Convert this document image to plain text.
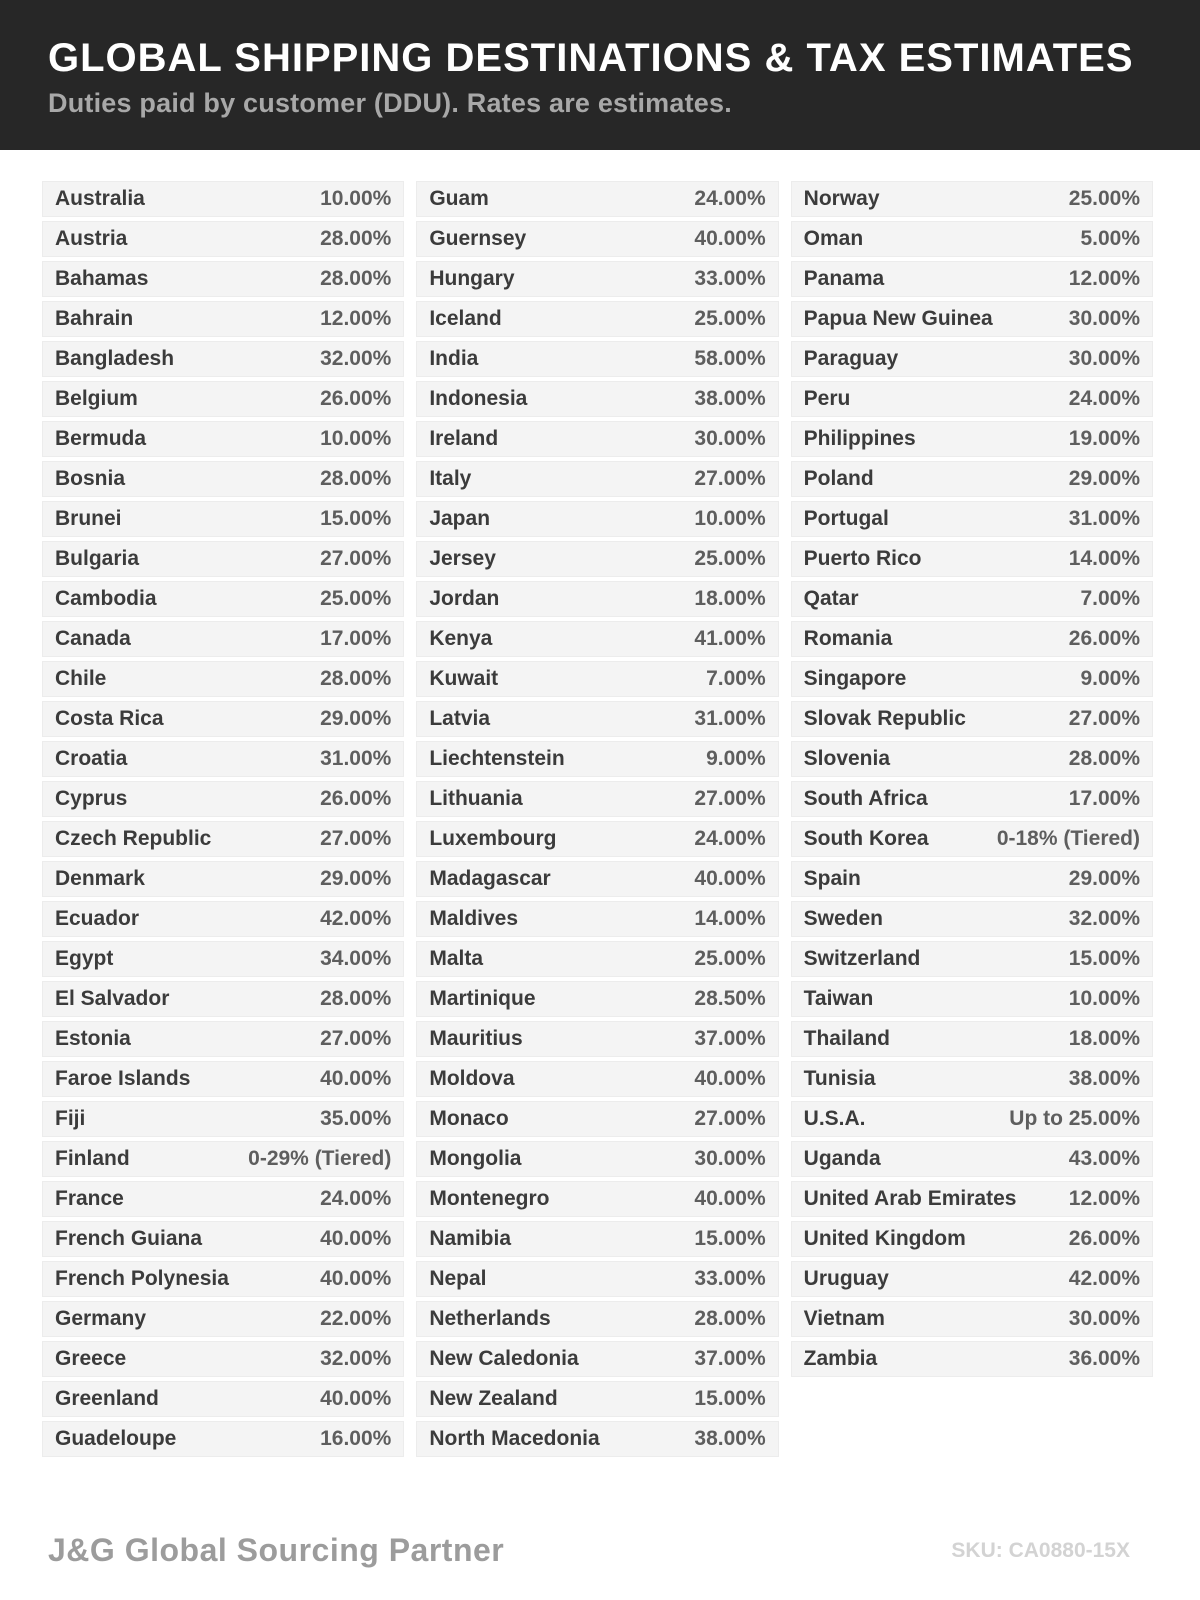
GLOBAL SHIPPING DESTINATIONS & TAX ESTIMATES
Duties paid by customer (DDU). Rates are estimates.
Australia	10.00%
Austria	28.00%
Bahamas	28.00%
Bahrain	12.00%
Bangladesh	32.00%
Belgium	26.00%
Bermuda	10.00%
Bosnia	28.00%
Brunei	15.00%
Bulgaria	27.00%
Cambodia	25.00%
Canada	17.00%
Chile	28.00%
Costa Rica	29.00%
Croatia	31.00%
Cyprus	26.00%
Czech Republic	27.00%
Denmark	29.00%
Ecuador	42.00%
Egypt	34.00%
El Salvador	28.00%
Estonia	27.00%
Faroe Islands	40.00%
Fiji	35.00%
Finland	0-29% (Tiered)
France	24.00%
French Guiana	40.00%
French Polynesia	40.00%
Germany	22.00%
Greece	32.00%
Greenland	40.00%
Guadeloupe	16.00%
Guam	24.00%
Guernsey	40.00%
Hungary	33.00%
Iceland	25.00%
India	58.00%
Indonesia	38.00%
Ireland	30.00%
Italy	27.00%
Japan	10.00%
Jersey	25.00%
Jordan	18.00%
Kenya	41.00%
Kuwait	7.00%
Latvia	31.00%
Liechtenstein	9.00%
Lithuania	27.00%
Luxembourg	24.00%
Madagascar	40.00%
Maldives	14.00%
Malta	25.00%
Martinique	28.50%
Mauritius	37.00%
Moldova	40.00%
Monaco	27.00%
Mongolia	30.00%
Montenegro	40.00%
Namibia	15.00%
Nepal	33.00%
Netherlands	28.00%
New Caledonia	37.00%
New Zealand	15.00%
North Macedonia	38.00%
Norway	25.00%
Oman	5.00%
Panama	12.00%
Papua New Guinea	30.00%
Paraguay	30.00%
Peru	24.00%
Philippines	19.00%
Poland	29.00%
Portugal	31.00%
Puerto Rico	14.00%
Qatar	7.00%
Romania	26.00%
Singapore	9.00%
Slovak Republic	27.00%
Slovenia	28.00%
South Africa	17.00%
South Korea	0-18% (Tiered)
Spain	29.00%
Sweden	32.00%
Switzerland	15.00%
Taiwan	10.00%
Thailand	18.00%
Tunisia	38.00%
U.S.A.	Up to 25.00%
Uganda	43.00%
United Arab Emirates 12.00%
United Kingdom	26.00%
Uruguay	42.00%
Vietnam	30.00%
Zambia	36.00%
J&G Global Sourcing Partner	SKU: CA0880-15X
